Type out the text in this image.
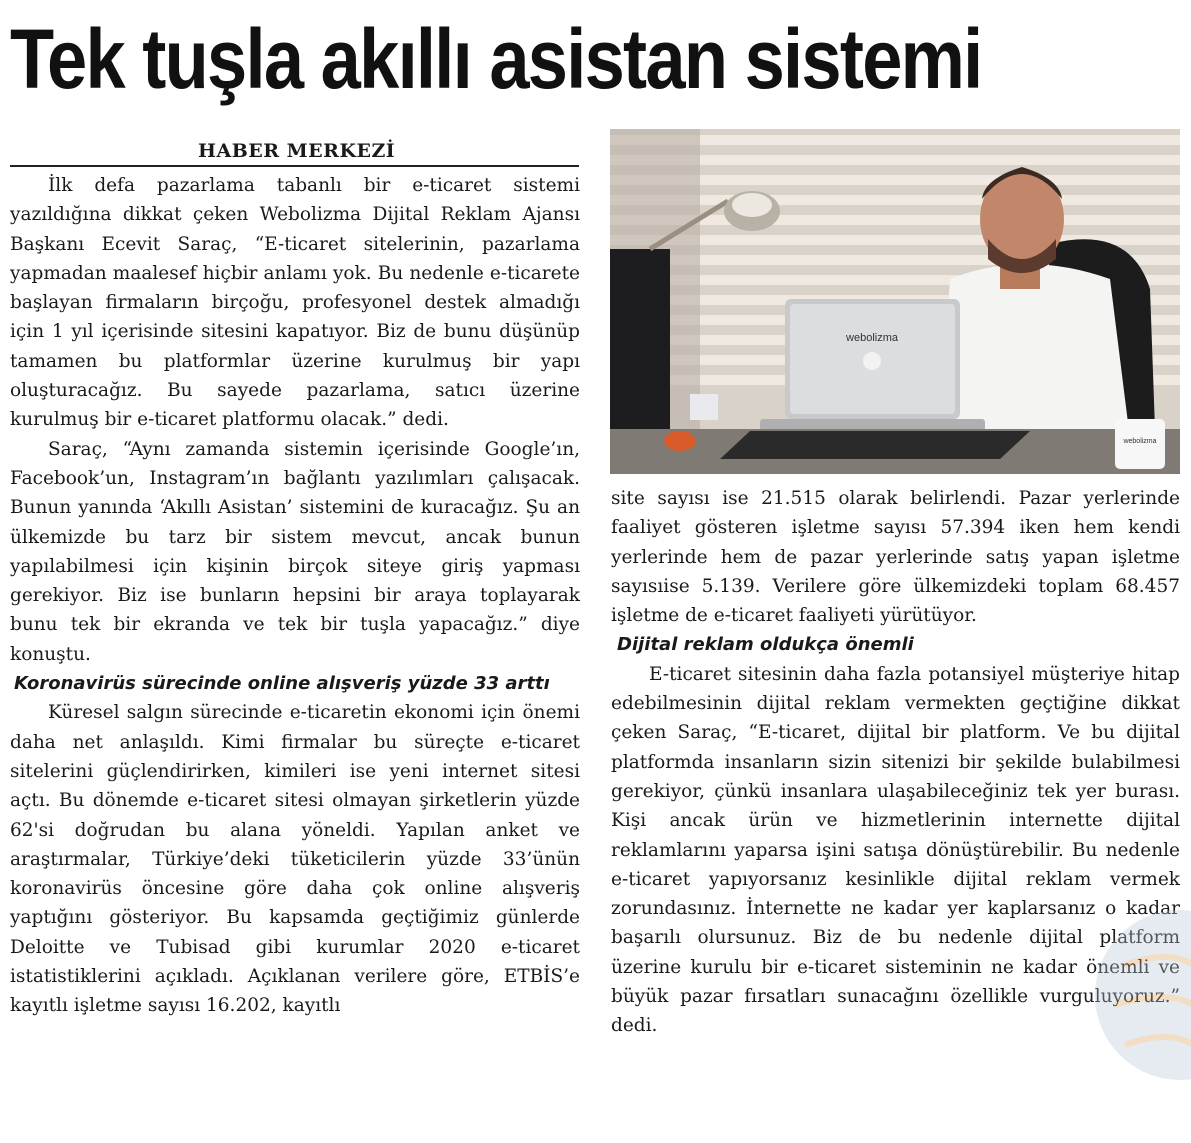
Tek tuşla akıllı asistan sistemi
HABER MERKEZİ

İlk defa pazarlama tabanlı bir e-ticaret sistemi yazıldığına dikkat çeken Webolizma Dijital Reklam Ajansı Başkanı Ecevit Saraç, “E-ticaret sitelerinin, pazarlama yapmadan maalesef hiçbir anlamı yok. Bu nedenle e-ticarete başlayan firmaların birçoğu, profesyonel destek almadığı için 1 yıl içerisinde sitesini kapatıyor. Biz de bunu düşünüp tamamen bu platformlar üzerine kurulmuş bir yapı oluşturacağız. Bu sayede pazarlama, satıcı üzerine kurulmuş bir e-ticaret platformu olacak.” dedi.

Saraç, “Aynı zamanda sistemin içerisinde Google’ın, Facebook’un, Instagram’ın bağlantı yazılımları çalışacak. Bunun yanında ‘Akıllı Asistan’ sistemini de kuracağız. Şu an ülkemizde bu tarz bir sistem mevcut, ancak bunun yapılabilmesi için kişinin birçok siteye giriş yapması gerekiyor. Biz ise bunların hepsini bir araya toplayarak bunu tek bir ekranda ve tek bir tuşla yapacağız.” diye konuştu.

Koronavirüs sürecinde online alışveriş yüzde 33 arttı

Küresel salgın sürecinde e-ticaretin ekonomi için önemi daha net anlaşıldı. Kimi firmalar bu süreçte e-ticaret sitelerini güçlendirirken, kimileri ise yeni internet sitesi açtı. Bu dönemde e-ticaret sitesi olmayan şirketlerin yüzde 62'si doğrudan bu alana yöneldi. Yapılan anket ve araştırmalar, Türkiye’deki tüketicilerin yüzde 33’ünün koronavirüs öncesine göre daha çok online alışveriş yaptığını gösteriyor. Bu kapsamda geçtiğimiz günlerde Deloitte ve Tubisad gibi kurumlar 2020 e-ticaret istatistiklerini açıkladı. Açıklanan verilere göre, ETBİS’e kayıtlı işletme sayısı 16.202, kayıtlı

webolizma
webolizma

site sayısı ise 21.515 olarak belirlendi. Pazar yerlerinde faaliyet gösteren işletme sayısı 57.394 iken hem kendi yerlerinde hem de pazar yerlerinde satış yapan işletme sayısıise 5.139. Verilere göre ülkemizdeki toplam 68.457 işletme de e-ticaret faaliyeti yürütüyor.

Dijital reklam oldukça önemli

E-ticaret sitesinin daha fazla potansiyel müşteriye hitap edebilmesinin dijital reklam vermekten geçtiğine dikkat çeken Saraç, “E-ticaret, dijital bir platform. Ve bu dijital platformda insanların sizin sitenizi bir şekilde bulabilmesi gerekiyor, çünkü insanlara ulaşabileceğiniz tek yer burası. Kişi ancak ürün ve hizmetlerinin internette dijital reklamlarını yaparsa işini satışa dönüştürebilir. Bu nedenle e-ticaret yapıyorsanız kesinlikle dijital reklam vermek zorundasınız. İnternette ne kadar yer kaplarsanız o kadar başarılı olursunuz. Biz de bu nedenle dijital platform üzerine kurulu bir e-ticaret sisteminin ne kadar önemli ve büyük pazar fırsatları sunacağını özellikle vurguluyoruz.” dedi.
